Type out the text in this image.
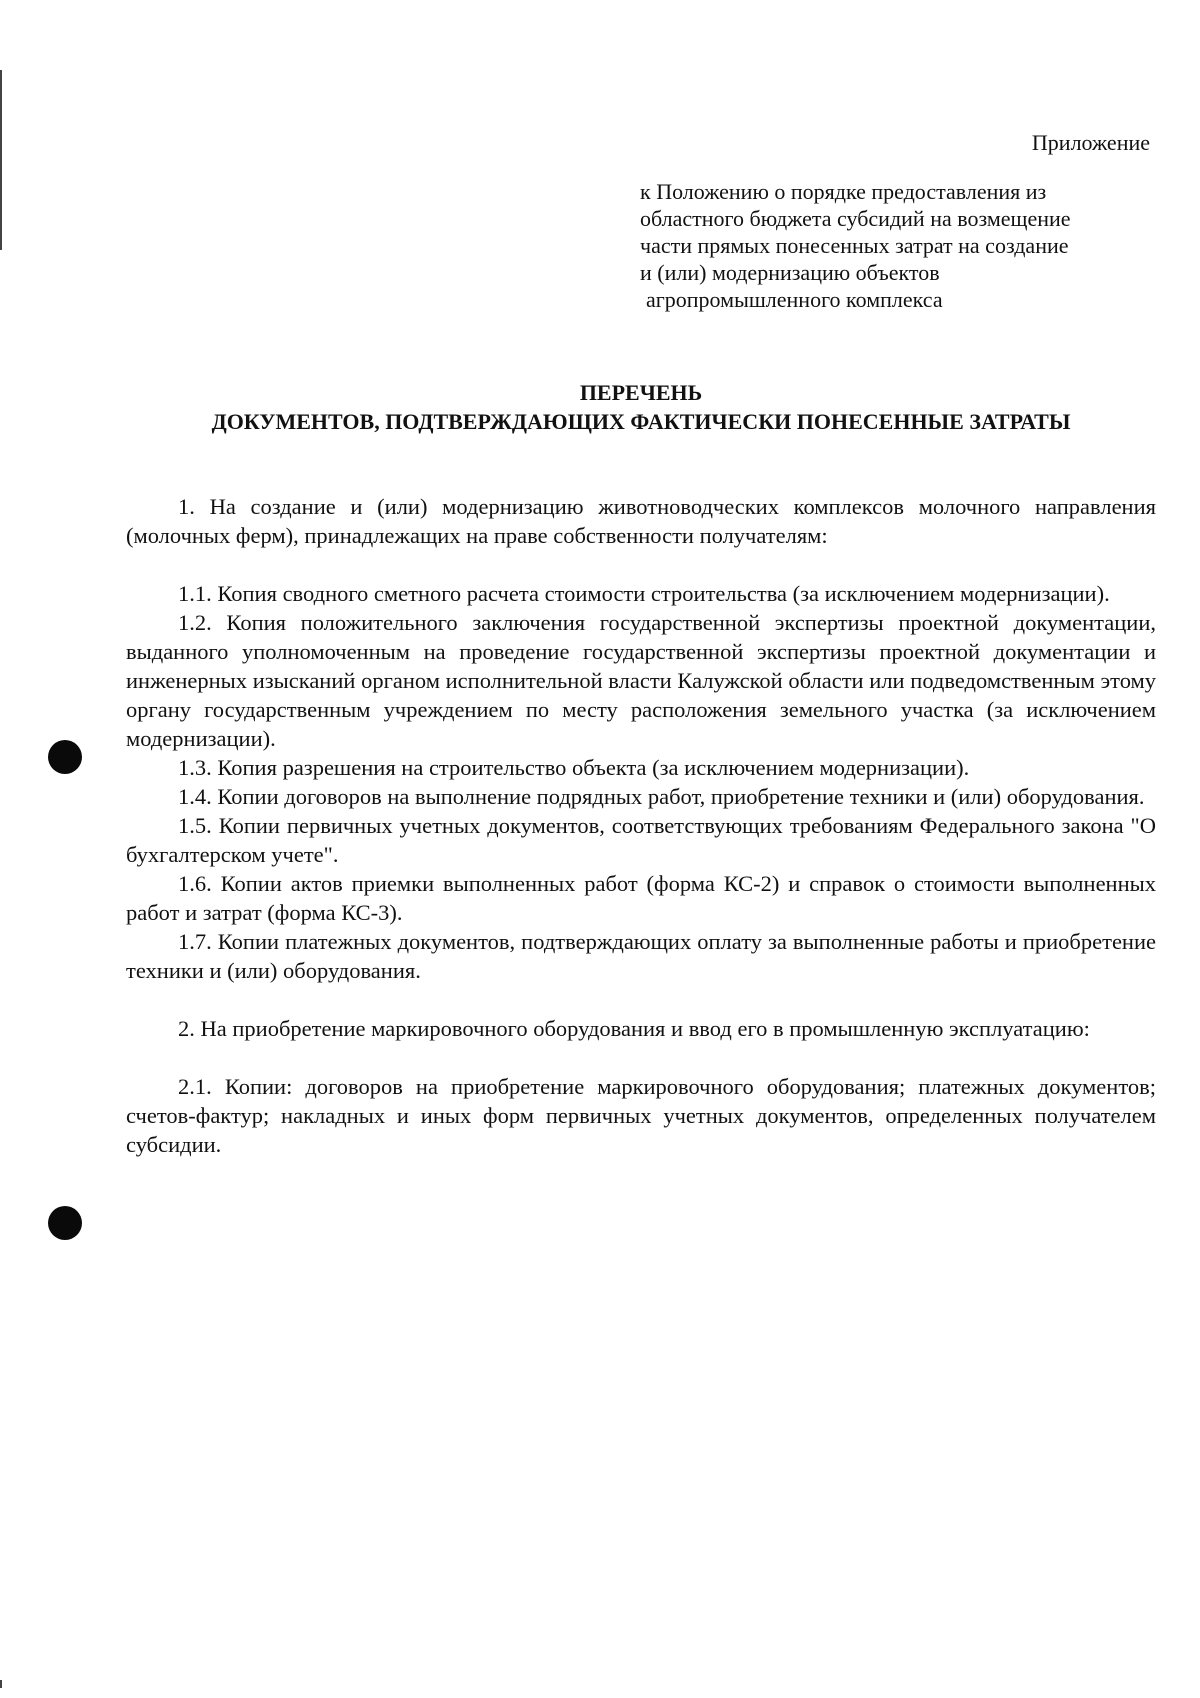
Приложение
к Положению о порядке предоставления из
областного бюджета субсидий на возмещение
части прямых понесенных затрат на создание
и (или) модернизацию объектов
агропромышленного комплекса
ПЕРЕЧЕНЬ
ДОКУМЕНТОВ, ПОДТВЕРЖДАЮЩИХ ФАКТИЧЕСКИ ПОНЕСЕННЫЕ ЗАТРАТЫ

1. На создание и (или) модернизацию животноводческих комплексов молочного направления (молочных ферм), принадлежащих на праве собственности получателям:

1.1. Копия сводного сметного расчета стоимости строительства (за исключением модернизации).

1.2. Копия положительного заключения государственной экспертизы проектной документации, выданного уполномоченным на проведение государственной экспертизы проектной документации и инженерных изысканий органом исполнительной власти Калужской области или подведомственным этому органу государственным учреждением по месту расположения земельного участка (за исключением модернизации).

1.3. Копия разрешения на строительство объекта (за исключением модернизации).

1.4. Копии договоров на выполнение подрядных работ, приобретение техники и (или) оборудования.

1.5. Копии первичных учетных документов, соответствующих требованиям Федерального закона "О бухгалтерском учете".

1.6. Копии актов приемки выполненных работ (форма КС-2) и справок о стоимости выполненных работ и затрат (форма КС-3).

1.7. Копии платежных документов, подтверждающих оплату за выполненные работы и приобретение техники и (или) оборудования.

2. На приобретение маркировочного оборудования и ввод его в промышленную эксплуатацию:

2.1. Копии: договоров на приобретение маркировочного оборудования; платежных документов; счетов-фактур; накладных и иных форм первичных учетных документов, определенных получателем субсидии.
